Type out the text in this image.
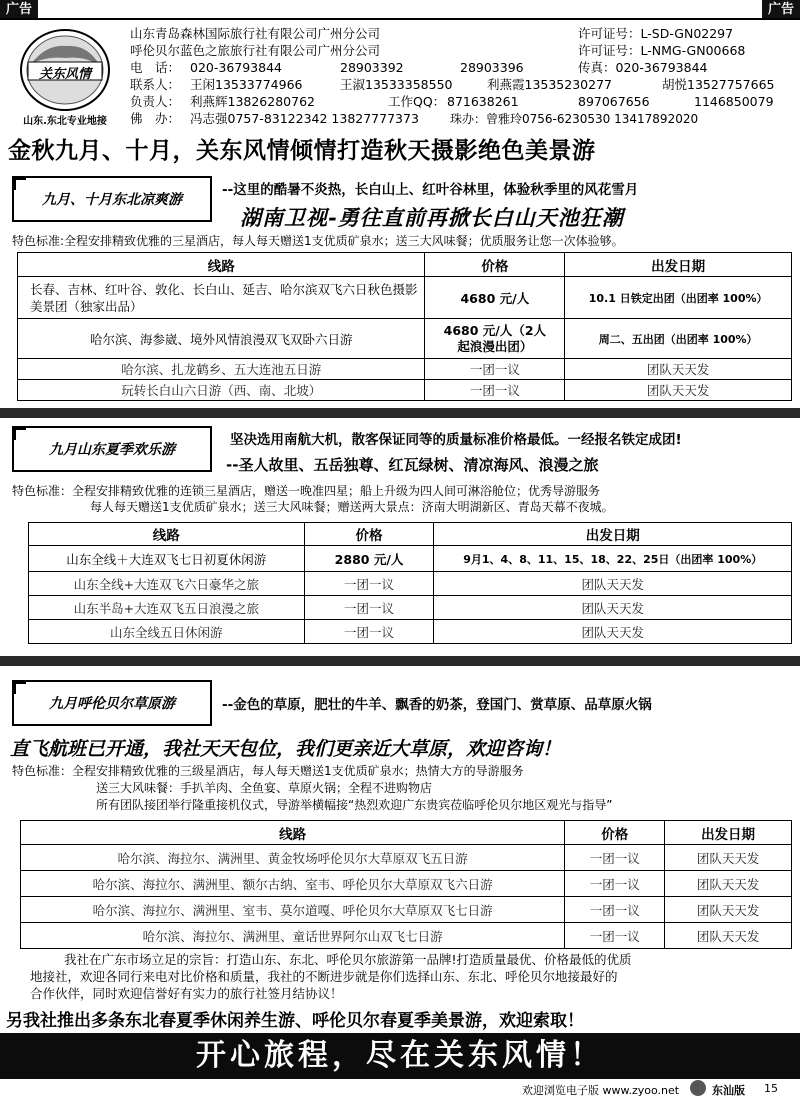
广告	广告
关东风情
山东.东北专业地接
山东青岛森林国际旅行社有限公司广州分公司
呼伦贝尔蓝色之旅旅行社有限公司广州分公司
许可证号：L-SD-GN02297
许可证号：L-NMG-GN00668
电　话： 020-36793844	28903392	28903396	传真：020-36793844
联系人： 王闲13533774966	王淑13533358550	利燕霞13535230277	胡悦13527757665
负责人： 利燕辉13826280762	工作QQ： 871638261	897067656	1146850079
佛　办： 冯志强0757-83122342 13827777373	珠办：曾雅玲0756-6230530 13417892020
金秋九月、十月，关东风情倾情打造秋天摄影绝色美景游
九月、十月东北凉爽游
--这里的酷暑不炎热，长白山上、红叶谷林里，体验秋季里的风花雪月
湖南卫视-勇往直前再掀长白山天池狂潮
特色标准:全程安排精致优雅的三星酒店，每人每天赠送1支优质矿泉水；送三大风味餐；优质服务让您一次体验够。
线路	价格	出发日期
长春、吉林、红叶谷、敦化、长白山、延吉、哈尔滨双飞六日秋色摄影美景团（独家出品）	4680 元/人	10.1 日铁定出团（出团率 100%）
哈尔滨、海参崴、境外风情浪漫双飞双卧六日游	4680 元/人（2人起浪漫出团）	周二、五出团（出团率 100%）
哈尔滨、扎龙鹤乡、五大连池五日游	一团一议	团队天天发
玩转长白山六日游（西、南、北坡）	一团一议	团队天天发
九月山东夏季欢乐游
坚决选用南航大机，散客保证同等的质量标准价格最低。一经报名铁定成团!
--圣人故里、五岳独尊、红瓦绿树、清凉海风、浪漫之旅
特色标准：全程安排精致优雅的连锁三星酒店，赠送一晚准四星；船上升级为四人间可淋浴舱位；优秀导游服务
每人每天赠送1支优质矿泉水；送三大风味餐；赠送两大景点：济南大明湖新区、青岛天幕不夜城。
线路	价格	出发日期
山东全线＋大连双飞七日初夏休闲游	2880 元/人	9月1、4、8、11、15、18、22、25日（出团率 100%）
山东全线+大连双飞六日豪华之旅	一团一议	团队天天发
山东半岛+大连双飞五日浪漫之旅	一团一议	团队天天发
山东全线五日休闲游	一团一议	团队天天发
九月呼伦贝尔草原游	--金色的草原，肥壮的牛羊、飘香的奶茶，登国门、赏草原、品草原火锅
直飞航班已开通，我社天天包位，我们更亲近大草原，欢迎咨询！
特色标准：全程安排精致优雅的三级星酒店，每人每天赠送1支优质矿泉水；热情大方的导游服务
送三大风味餐：手扒羊肉、全鱼宴、草原火锅；全程不进购物店
所有团队接团举行隆重接机仪式，导游举横幅接“热烈欢迎广东贵宾莅临呼伦贝尔地区观光与指导”
线路	价格	出发日期
哈尔滨、海拉尔、满洲里、黄金牧场呼伦贝尔大草原双飞五日游	一团一议	团队天天发
哈尔滨、海拉尔、满洲里、额尔古纳、室韦、呼伦贝尔大草原双飞六日游	一团一议	团队天天发
哈尔滨、海拉尔、满洲里、室韦、莫尔道嘎、呼伦贝尔大草原双飞七日游	一团一议	团队天天发
哈尔滨、海拉尔、满洲里、童话世界阿尔山双飞七日游	一团一议	团队天天发
我社在广东市场立足的宗旨：打造山东、东北、呼伦贝尔旅游第一品牌!打造质量最优、价格最低的优质
地接社，欢迎各同行来电对比价格和质量，我社的不断进步就是你们选择山东、东北、呼伦贝尔地接最好的
合作伙伴，同时欢迎信誉好有实力的旅行社签月结协议！
另我社推出多条东北春夏季休闲养生游、呼伦贝尔春夏季美景游，欢迎索取！
开心旅程，尽在关东风情！
欢迎浏览电子版 www.zyoo.net	东汕版 15
